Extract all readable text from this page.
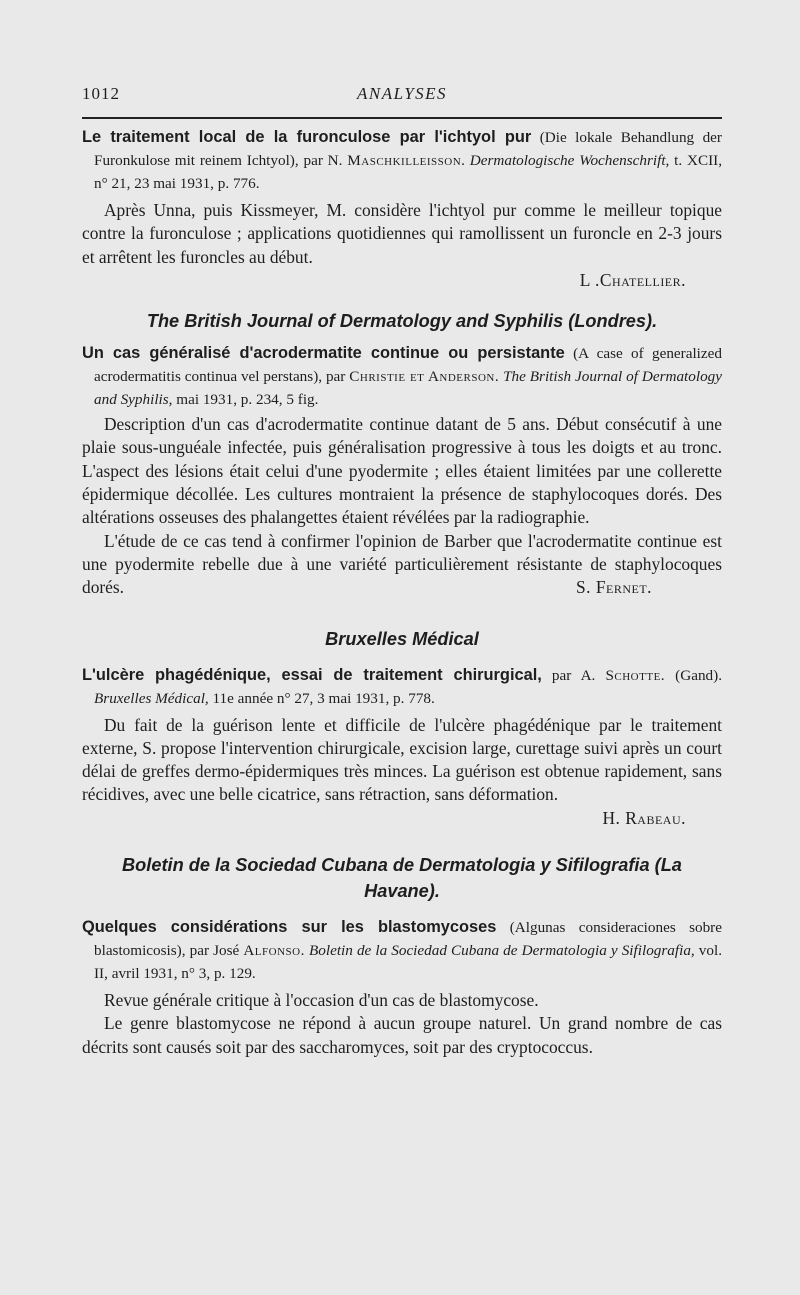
1012	ANALYSES

Le traitement local de la furonculose par l'ichtyol pur (Die lokale Behandlung der Furonkulose mit reinem Ichtyol), par N. Maschkilleisson. Dermatologische Wochenschrift, t. XCII, n° 21, 23 mai 1931, p. 776.

Après Unna, puis Kissmeyer, M. considère l'ichtyol pur comme le meilleur topique contre la furonculose ; applications quotidiennes qui ramollissent un furoncle en 2-3 jours et arrêtent les furoncles au début.

L .Chatellier.

The British Journal of Dermatology and Syphilis (Londres).

Un cas généralisé d'acrodermatite continue ou persistante (A case of generalized acrodermatitis continua vel perstans), par Christie et Anderson. The British Journal of Dermatology and Syphilis, mai 1931, p. 234, 5 fig.

Description d'un cas d'acrodermatite continue datant de 5 ans. Début consécutif à une plaie sous-unguéale infectée, puis généralisation progressive à tous les doigts et au tronc. L'aspect des lésions était celui d'une pyodermite ; elles étaient limitées par une collerette épidermique décollée. Les cultures montraient la présence de staphylocoques dorés. Des altérations osseuses des phalangettes étaient révélées par la radiographie.

L'étude de ce cas tend à confirmer l'opinion de Barber que l'acrodermatite continue est une pyodermite rebelle due à une variété particulièrement résistante de staphylocoques dorés.	S. Fernet.

Bruxelles Médical

L'ulcère phagédénique, essai de traitement chirurgical, par A. Schotte. (Gand). Bruxelles Médical, 11e année n° 27, 3 mai 1931, p. 778.

Du fait de la guérison lente et difficile de l'ulcère phagédénique par le traitement externe, S. propose l'intervention chirurgicale, excision large, curettage suivi après un court délai de greffes dermo-épidermiques très minces. La guérison est obtenue rapidement, sans récidives, avec une belle cicatrice, sans rétraction, sans déformation.

H. Rabeau.

Boletin de la Sociedad Cubana de Dermatologia y Sifilografia (La Havane).

Quelques considérations sur les blastomycoses (Algunas consideraciones sobre blastomicosis), par José Alfonso. Boletin de la Sociedad Cubana de Dermatologia y Sifilografia, vol. II, avril 1931, n° 3, p. 129.

Revue générale critique à l'occasion d'un cas de blastomycose.

Le genre blastomycose ne répond à aucun groupe naturel. Un grand nombre de cas décrits sont causés soit par des saccharomyces, soit par des cryptococcus.
